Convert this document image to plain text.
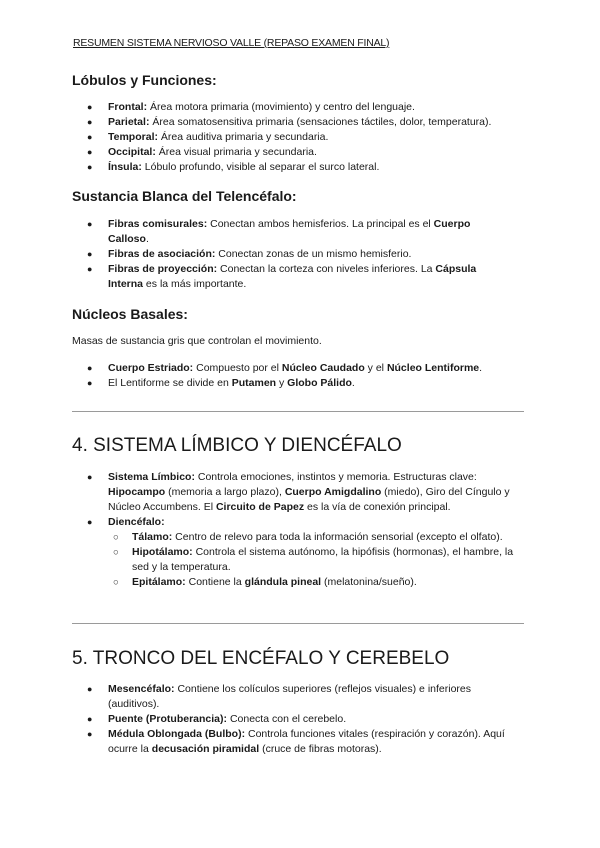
RESUMEN SISTEMA NERVIOSO VALLE (REPASO EXAMEN FINAL)
Lóbulos y Funciones:
● Frontal: Área motora primaria (movimiento) y centro del lenguaje.
● Parietal: Área somatosensitiva primaria (sensaciones táctiles, dolor, temperatura).
● Temporal: Área auditiva primaria y secundaria.
● Occipital: Área visual primaria y secundaria.
● Ínsula: Lóbulo profundo, visible al separar el surco lateral.
Sustancia Blanca del Telencéfalo:
● Fibras comisurales: Conectan ambos hemisferios. La principal es el Cuerpo Calloso.
● Fibras de asociación: Conectan zonas de un mismo hemisferio.
● Fibras de proyección: Conectan la corteza con niveles inferiores. La Cápsula Interna es la más importante.
Núcleos Basales:
Masas de sustancia gris que controlan el movimiento.
● Cuerpo Estriado: Compuesto por el Núcleo Caudado y el Núcleo Lentiforme.
● El Lentiforme se divide en Putamen y Globo Pálido.
4. SISTEMA LÍMBICO Y DIENCÉFALO
● Sistema Límbico: Controla emociones, instintos y memoria. Estructuras clave: Hipocampo (memoria a largo plazo), Cuerpo Amigdalino (miedo), Giro del Cíngulo y Núcleo Accumbens. El Circuito de Papez es la vía de conexión principal.
● Diencéfalo:
○ Tálamo: Centro de relevo para toda la información sensorial (excepto el olfato).
○ Hipotálamo: Controla el sistema autónomo, la hipófisis (hormonas), el hambre, la sed y la temperatura.
○ Epitálamo: Contiene la glándula pineal (melatonina/sueño).
5. TRONCO DEL ENCÉFALO Y CEREBELO
● Mesencéfalo: Contiene los colículos superiores (reflejos visuales) e inferiores (auditivos).
● Puente (Protuberancia): Conecta con el cerebelo.
● Médula Oblongada (Bulbo): Controla funciones vitales (respiración y corazón). Aquí ocurre la decusación piramidal (cruce de fibras motoras).
